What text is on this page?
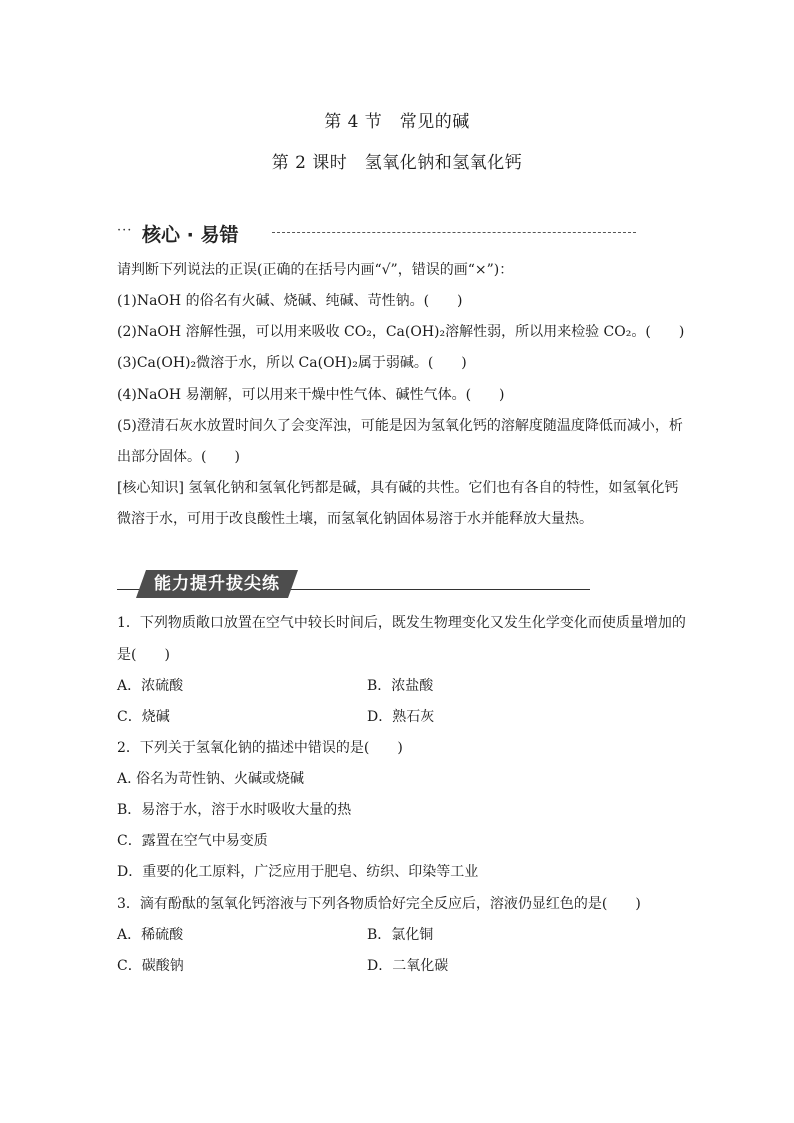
第 4 节　常见的碱
第 2 课时　氢氧化钠和氢氧化钙
··· 核心 · 易错
请判断下列说法的正误(正确的在括号内画“√”，错误的画“×”)：
(1)NaOH 的俗名有火碱、烧碱、纯碱、苛性钠。(　　)
(2)NaOH 溶解性强，可以用来吸收 CO₂，Ca(OH)₂溶解性弱，所以用来检验 CO₂。(　　)
(3)Ca(OH)₂微溶于水，所以 Ca(OH)₂属于弱碱。(　　)
(4)NaOH 易潮解，可以用来干燥中性气体、碱性气体。(　　)
(5)澄清石灰水放置时间久了会变浑浊，可能是因为氢氧化钙的溶解度随温度降低而减小，析
出部分固体。(　　)
[核心知识] 氢氧化钠和氢氧化钙都是碱，具有碱的共性。它们也有各自的特性，如氢氧化钙
微溶于水，可用于改良酸性土壤，而氢氧化钠固体易溶于水并能释放大量热。
能力提升拔尖练
1．下列物质敞口放置在空气中较长时间后，既发生物理变化又发生化学变化而使质量增加的
是(　　)
A．浓硫酸	B．浓盐酸
C．烧碱	D．熟石灰
2．下列关于氢氧化钠的描述中错误的是(　　)
A. 俗名为苛性钠、火碱或烧碱
B．易溶于水，溶于水时吸收大量的热
C．露置在空气中易变质
D．重要的化工原料，广泛应用于肥皂、纺织、印染等工业
3．滴有酚酞的氢氧化钙溶液与下列各物质恰好完全反应后，溶液仍显红色的是(　　)
A．稀硫酸	B．氯化铜
C．碳酸钠	D．二氧化碳
